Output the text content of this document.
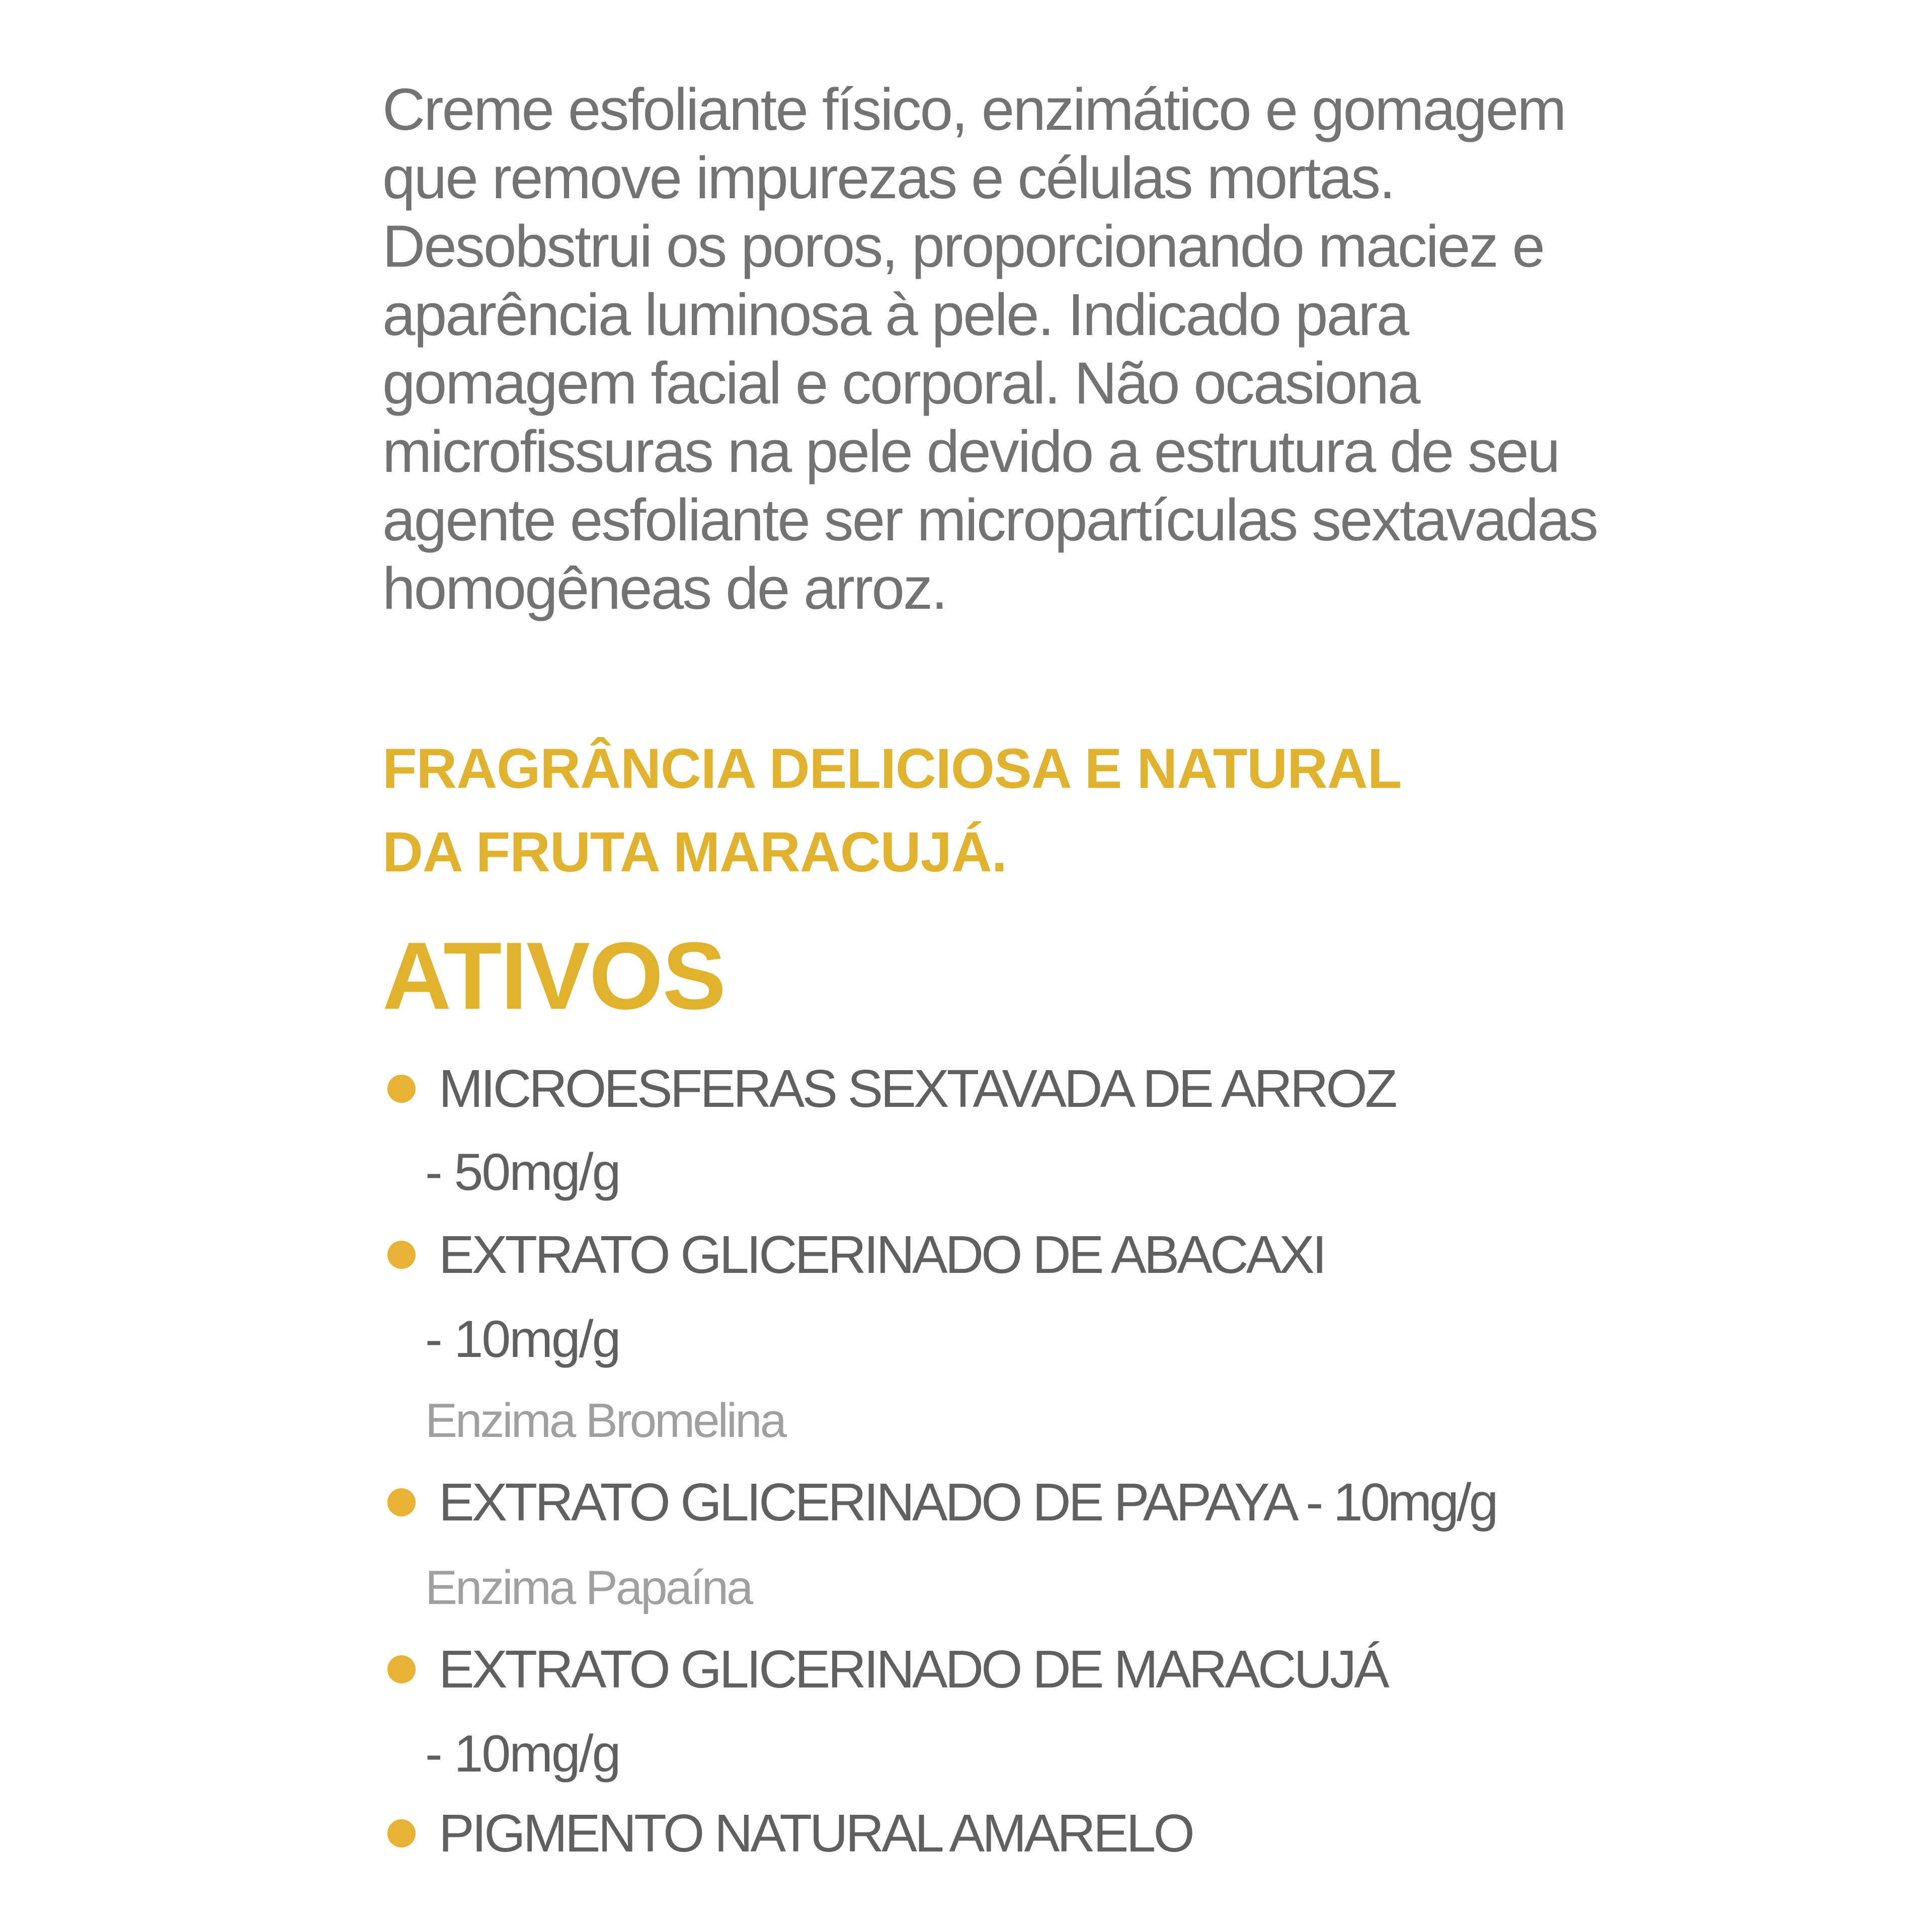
Creme esfoliante físico, enzimático e gomagem que remove impurezas e células mortas. Desobstrui os poros, proporcionando maciez e aparência luminosa à pele. Indicado para gomagem facial e corporal. Não ocasiona microfissuras na pele devido a estrutura de seu agente esfoliante ser micropartículas sextavadas homogêneas de arroz.

FRAGRÂNCIA DELICIOSA E NATURAL
DA FRUTA MARACUJÁ.
ATIVOS

MICROESFERAS SEXTAVADA DE ARROZ

- 50mg/g

EXTRATO GLICERINADO DE ABACAXI

- 10mg/g

Enzima Bromelina

EXTRATO GLICERINADO DE PAPAYA - 10mg/g

Enzima Papaína

EXTRATO GLICERINADO DE MARACUJÁ

- 10mg/g

PIGMENTO NATURAL AMARELO
